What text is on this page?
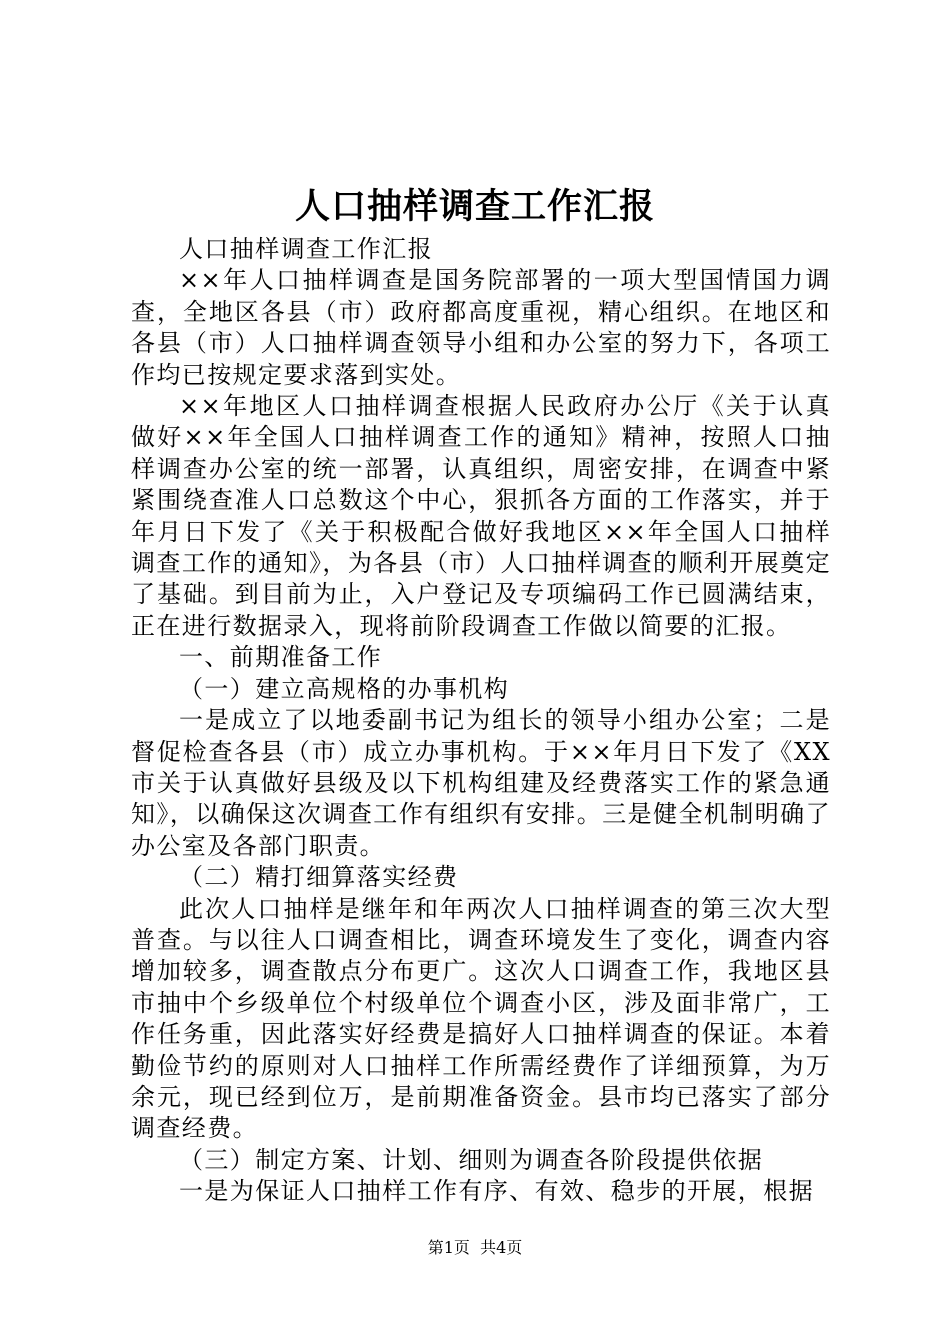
人口抽样调查工作汇报

人口抽样调查工作汇报

××年人口抽样调查是国务院部署的一项大型国情国力调查，全地区各县（市）政府都高度重视，精心组织。在地区和各县（市）人口抽样调查领导小组和办公室的努力下，各项工作均已按规定要求落到实处。

××年地区人口抽样调查根据人民政府办公厅《关于认真做好××年全国人口抽样调查工作的通知》精神，按照人口抽样调查办公室的统一部署，认真组织，周密安排，在调查中紧紧围绕查准人口总数这个中心，狠抓各方面的工作落实，并于年月日下发了《关于积极配合做好我地区××年全国人口抽样调查工作的通知》，为各县（市）人口抽样调查的顺利开展奠定了基础。到目前为止，入户登记及专项编码工作已圆满结束，正在进行数据录入，现将前阶段调查工作做以简要的汇报。

一、前期准备工作

（一）建立高规格的办事机构

一是成立了以地委副书记为组长的领导小组办公室；二是督促检查各县（市）成立办事机构。于××年月日下发了《XX市关于认真做好县级及以下机构组建及经费落实工作的紧急通知》，以确保这次调查工作有组织有安排。三是健全机制明确了办公室及各部门职责。

（二）精打细算落实经费

此次人口抽样是继年和年两次人口抽样调查的第三次大型普查。与以往人口调查相比，调查环境发生了变化，调查内容增加较多，调查散点分布更广。这次人口调查工作，我地区县市抽中个乡级单位个村级单位个调查小区，涉及面非常广，工作任务重，因此落实好经费是搞好人口抽样调查的保证。本着勤俭节约的原则对人口抽样工作所需经费作了详细预算，为万余元，现已经到位万，是前期准备资金。县市均已落实了部分调查经费。

（三）制定方案、计划、细则为调查各阶段提供依据

一是为保证人口抽样工作有序、有效、稳步的开展，根据

第1页 共4页
